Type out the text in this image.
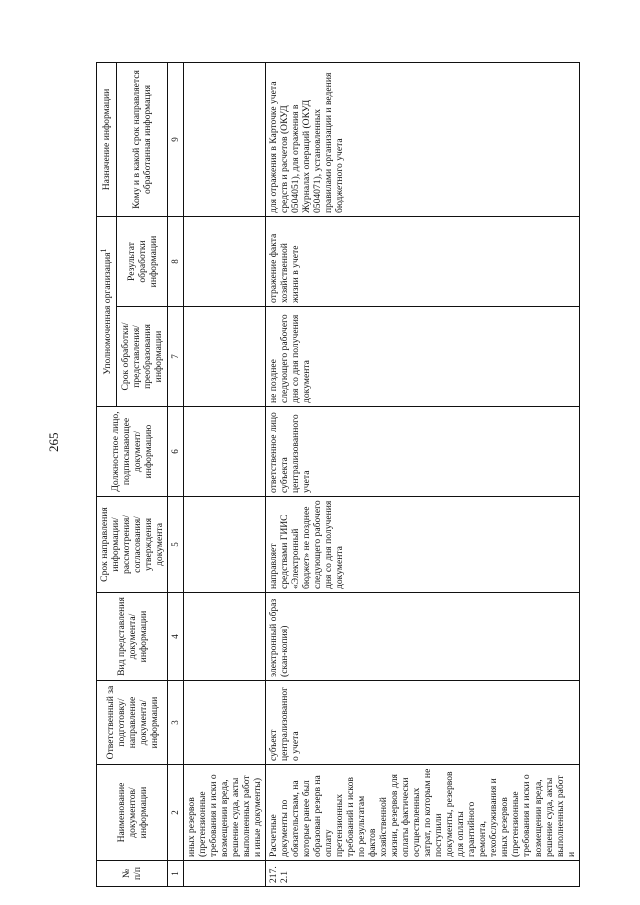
265
№ п/п	Наименование документов/ информации	Ответственный за подготовку/ направление документа/ информации	Вид представления документа/ информации	Срок направления информации/ рассмотрения/ согласования/ утверждения документа	Должностное лицо, подписывающее документ/ информацию	Уполномоченная организация$^1$		Назначение информации
						Срок обработки/ представления/ преобразования информации	Результат обработки информации	Кому и в какой срок направляется обработанная информация
1	2	3	4	5	6	7	8	9
	иных резервов (претензионные требования и иски о возмещении вреда, решение суда, акты выполненных работ и иные документы)							
217.2.1	Расчетные документы по обязательствам, на которые ранее был образован резерв на оплату претензионных требований и исков по результатам фактов хозяйственной жизни, резервов для оплаты фактически осуществленных затрат, по которым не поступили документы, резервов для оплаты гарантийного ремонта, техобслуживания и иных резервов (претензионные требования и иски о возмещении вреда, решение суда, акты выполненных работ и	субъект централизованного учета	электронный образ (скан-копия)	направляет средствами ГИИС «Электронный бюджет» не позднее следующего рабочего дня со дня получения документа	ответственное лицо субъекта централизованного учета	не позднее следующего рабочего дня со дня получения документа	отражение факта хозяйственной жизни в учете	для отражения в Карточке учета средств и расчетов (ОКУД 0504051), для отражения в Журналах операций (ОКУД 0504071), установленных правилами организации и ведения бюджетного учета
